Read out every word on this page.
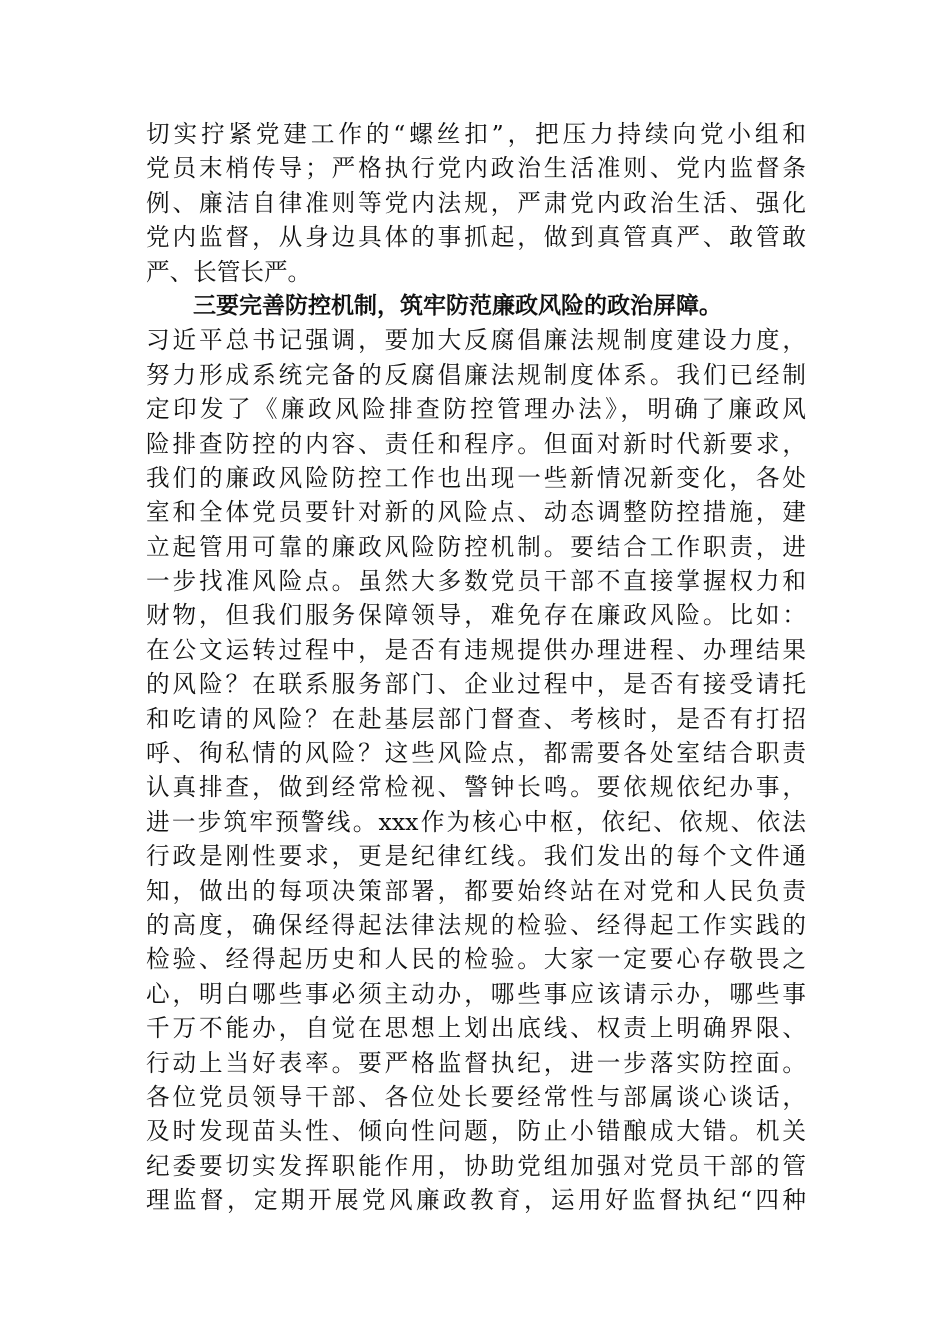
切实拧紧党建工作的“螺丝扣”，把压力持续向党小组和
党员末梢传导；严格执行党内政治生活准则、党内监督条
例、廉洁自律准则等党内法规，严肃党内政治生活、强化
党内监督，从身边具体的事抓起，做到真管真严、敢管敢
严、长管长严。
三要完善防控机制，筑牢防范廉政风险的政治屏障。
习近平总书记强调，要加大反腐倡廉法规制度建设力度，
努力形成系统完备的反腐倡廉法规制度体系。我们已经制
定印发了《廉政风险排查防控管理办法》，明确了廉政风
险排查防控的内容、责任和程序。但面对新时代新要求，
我们的廉政风险防控工作也出现一些新情况新变化，各处
室和全体党员要针对新的风险点、动态调整防控措施，建
立起管用可靠的廉政风险防控机制。要结合工作职责，进
一步找准风险点。虽然大多数党员干部不直接掌握权力和
财物，但我们服务保障领导，难免存在廉政风险。比如：
在公文运转过程中，是否有违规提供办理进程、办理结果
的风险？在联系服务部门、企业过程中，是否有接受请托
和吃请的风险？在赴基层部门督查、考核时，是否有打招
呼、徇私情的风险？这些风险点，都需要各处室结合职责
认真排查，做到经常检视、警钟长鸣。要依规依纪办事，
进一步筑牢预警线。xxx作为核心中枢，依纪、依规、依法
行政是刚性要求，更是纪律红线。我们发出的每个文件通
知，做出的每项决策部署，都要始终站在对党和人民负责
的高度，确保经得起法律法规的检验、经得起工作实践的
检验、经得起历史和人民的检验。大家一定要心存敬畏之
心，明白哪些事必须主动办，哪些事应该请示办，哪些事
千万不能办，自觉在思想上划出底线、权责上明确界限、
行动上当好表率。要严格监督执纪，进一步落实防控面。
各位党员领导干部、各位处长要经常性与部属谈心谈话，
及时发现苗头性、倾向性问题，防止小错酿成大错。机关
纪委要切实发挥职能作用，协助党组加强对党员干部的管
理监督，定期开展党风廉政教育，运用好监督执纪“四种
